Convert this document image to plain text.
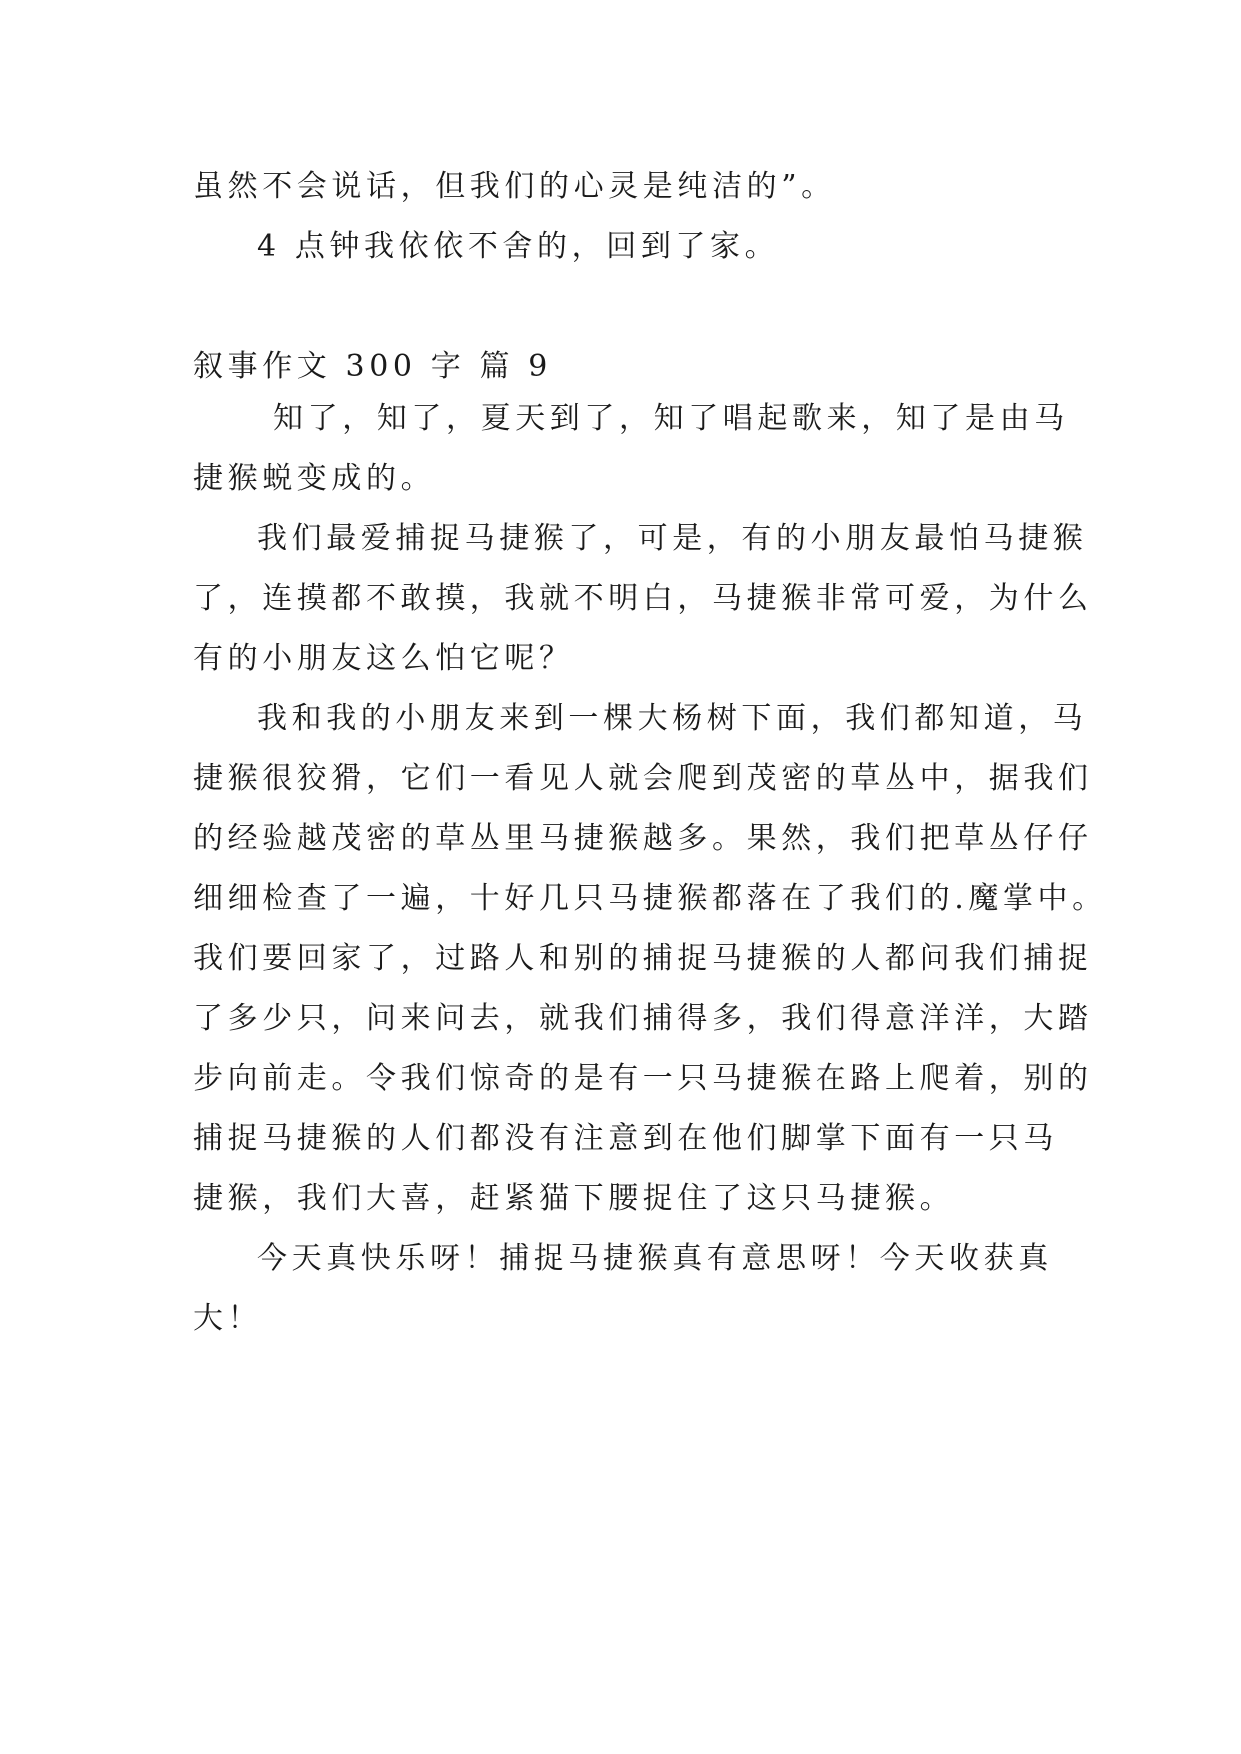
虽然不会说话，但我们的心灵是纯洁的”。
4 点钟我依依不舍的，回到了家。
叙事作文 300 字 篇 9
知了，知了，夏天到了，知了唱起歌来，知了是由马
捷猴蜕变成的。
我们最爱捕捉马捷猴了，可是，有的小朋友最怕马捷猴
了，连摸都不敢摸，我就不明白，马捷猴非常可爱，为什么
有的小朋友这么怕它呢？
我和我的小朋友来到一棵大杨树下面，我们都知道，马
捷猴很狡猾，它们一看见人就会爬到茂密的草丛中，据我们
的经验越茂密的草丛里马捷猴越多。果然，我们把草丛仔仔
细细检查了一遍，十好几只马捷猴都落在了我们的.魔掌中。
我们要回家了，过路人和别的捕捉马捷猴的人都问我们捕捉
了多少只，问来问去，就我们捕得多，我们得意洋洋，大踏
步向前走。令我们惊奇的是有一只马捷猴在路上爬着，别的
捕捉马捷猴的人们都没有注意到在他们脚掌下面有一只马
捷猴，我们大喜，赶紧猫下腰捉住了这只马捷猴。
今天真快乐呀！捕捉马捷猴真有意思呀！今天收获真
大！
